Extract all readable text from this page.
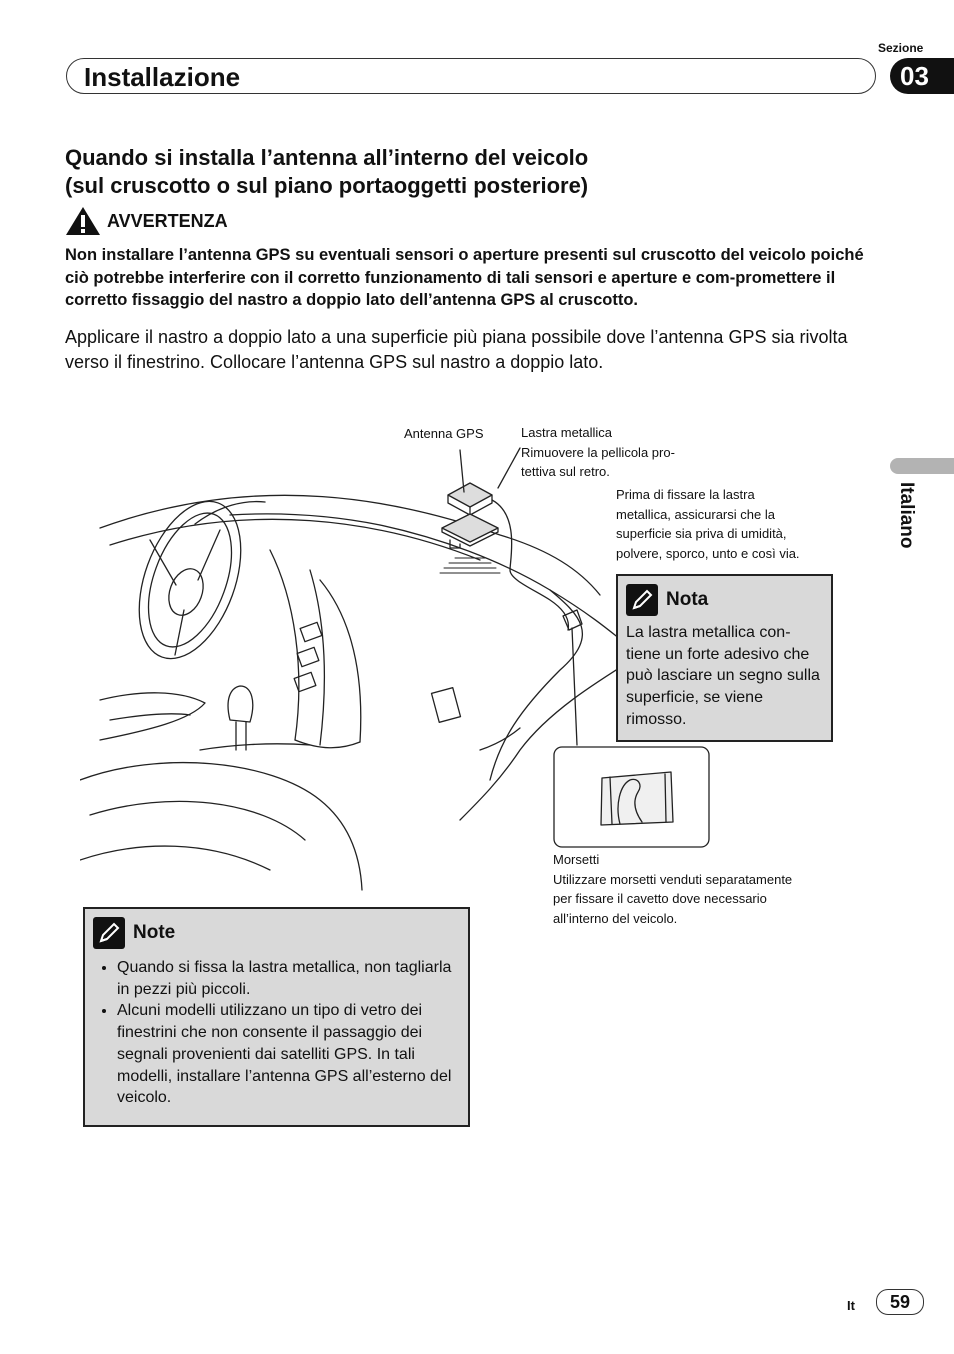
Installazione
Sezione
03
Italiano
Quando si installa l’antenna all’interno del veicolo
(sul cruscotto o sul piano portaoggetti posteriore)
AVVERTENZA
Non installare l’antenna GPS su eventuali sensori o aperture presenti sul cruscotto del veicolo poiché ciò potrebbe interferire con il corretto funzionamento di tali sensori e aperture e com-promettere il corretto fissaggio del nastro a doppio lato dell’antenna GPS al cruscotto.
Applicare il nastro a doppio lato a una superficie più piana possibile dove l’antenna GPS sia rivolta verso il finestrino. Collocare l’antenna GPS sul nastro a doppio lato.
Antenna GPS	Lastra metallica
Rimuovere la pellicola pro-
tettiva sul retro.
Prima di fissare la lastra
metallica, assicurarsi che la
superficie sia priva di umidità,
polvere, sporco, unto e così via.
Morsetti
Utilizzare morsetti venduti separatamente
per fissare il cavetto dove necessario
all’interno del veicolo.
Nota
La lastra metallica con-tiene un forte adesivo che può lasciare un segno sulla superficie, se viene rimosso.
Note
• Quando si fissa la lastra metallica, non tagliarla in pezzi più piccoli.
• Alcuni modelli utilizzano un tipo di vetro dei finestrini che non consente il passaggio dei segnali provenienti dai satelliti GPS. In tali modelli, installare l’antenna GPS all’esterno del veicolo.
It	59
